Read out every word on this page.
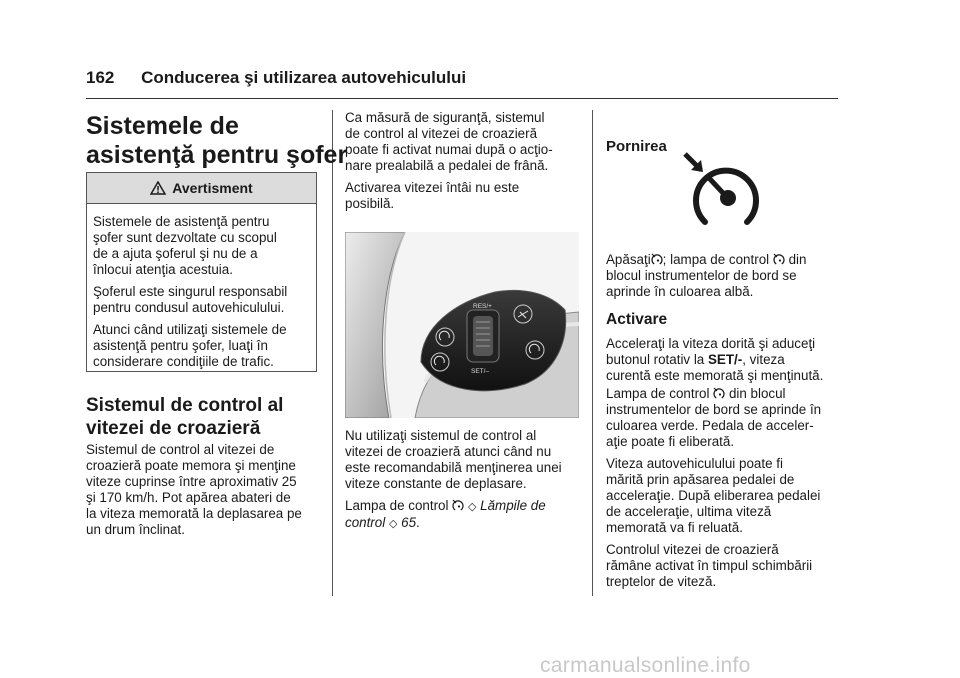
162 Conducerea şi utilizarea autovehiculului
Sistemele de
asistenţă pentru şofer
Avertisment
Sistemele de asistenţă pentru
şofer sunt dezvoltate cu scopul
de a ajuta şoferul şi nu de a
înlocui atenţia acestuia.
Şoferul este singurul responsabil
pentru condusul autovehiculului.
Atunci când utilizaţi sistemele de
asistenţă pentru şofer, luaţi în
considerare condiţiile de trafic.
Sistemul de control al
vitezei de croazieră
Sistemul de control al vitezei de
croazieră poate memora şi menţine
viteze cuprinse între aproximativ 25
şi 170 km/h. Pot apărea abateri de
la viteza memorată la deplasarea pe
un drum înclinat.
Ca măsură de siguranţă, sistemul
de control al vitezei de croazieră
poate fi activat numai după o acţio-
nare prealabilă a pedalei de frână.
Activarea vitezei întâi nu este
posibilă.
RES/+
SET/–
Nu utilizaţi sistemul de control al
vitezei de croazieră atunci când nu
este recomandabilă menţinerea unei
viteze constante de deplasare.
Lampa de control ◇ Lămpile de
control ◇ 65.
Pornirea
Apăsaţi ; lampa de control din
blocul instrumentelor de bord se
aprinde în culoarea albă.
Activare
Acceleraţi la viteza dorită şi aduceţi
butonul rotativ la SET/-, viteza
curentă este memorată şi menţinută.
Lampa de control din blocul
instrumentelor de bord se aprinde în
culoarea verde. Pedala de acceler-
aţie poate fi eliberată.
Viteza autovehiculului poate fi
mărită prin apăsarea pedalei de
acceleraţie. După eliberarea pedalei
de acceleraţie, ultima viteză
memorată va fi reluată.
Controlul vitezei de croazieră
rămâne activat în timpul schimbării
treptelor de viteză.
carmanualsonline.info
